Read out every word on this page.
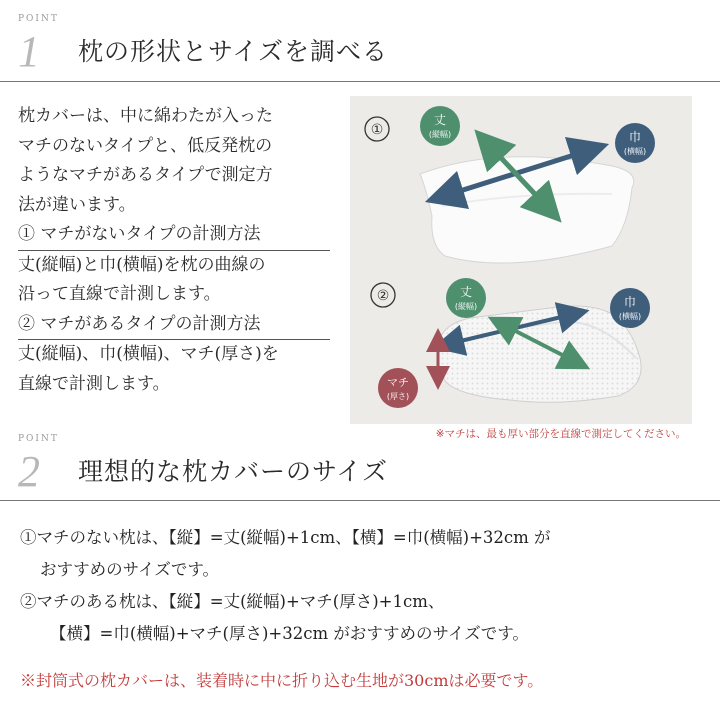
POINT
1 枕の形状とサイズを調べる

枕カバーは、中に綿わたが入った

マチのないタイプと、低反発枕の

ようなマチがあるタイプで測定方

法が違います。

① マチがないタイプの計測方法

丈(縦幅)と巾(横幅)を枕の曲線の

沿って直線で計測します。

② マチがあるタイプの計測方法

丈(縦幅)、巾(横幅)、マチ(厚さ)を

直線で計測します。

①
丈
(縦幅)	巾
(横幅)
②	丈
(縦幅)	巾
(横幅)
マチ
(厚さ)
※マチは、最も厚い部分を直線で測定してください。
POINT
2 理想的な枕カバーのサイズ
①マチのない枕は、【縦】=丈(縦幅)+1cm、【横】=巾(横幅)+32cm が
おすすめのサイズです。
②マチのある枕は、【縦】=丈(縦幅)+マチ(厚さ)+1cm、
【横】=巾(横幅)+マチ(厚さ)+32cm がおすすめのサイズです。
※封筒式の枕カバーは、装着時に中に折り込む生地が30cmは必要です。
